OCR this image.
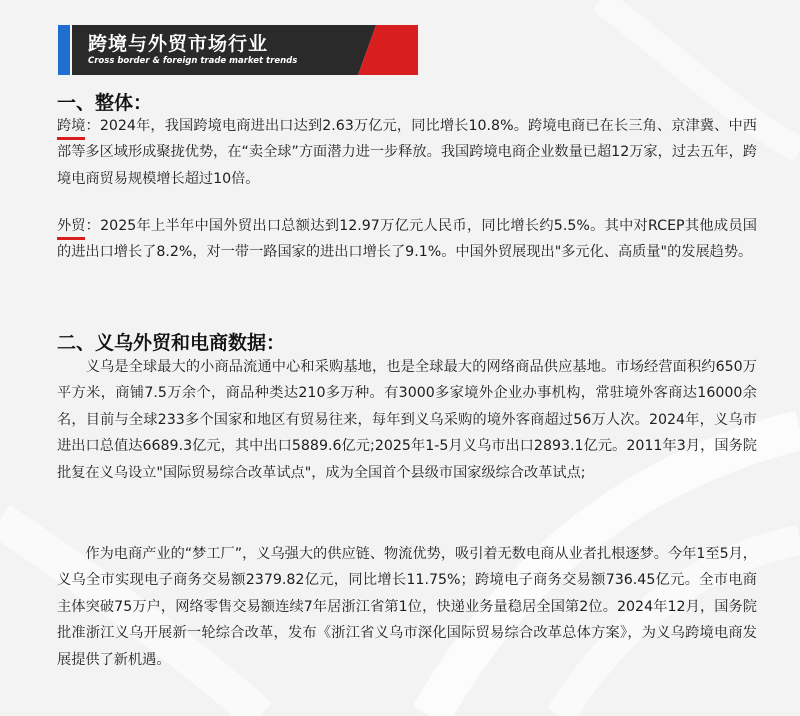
跨境与外贸市场行业
Cross border & foreign trade market trends
一、整体：

跨境：2024年，我国跨境电商进出口达到2.63万亿元，同比增长10.8%。跨境电商已在长三角、京津冀、中西部等多区域形成聚拢优势，在“卖全球”方面潜力进一步释放。我国跨境电商企业数量已超12万家，过去五年，跨境电商贸易规模增长超过10倍。

外贸：2025年上半年中国外贸出口总额达到12.97万亿元人民币，同比增长约5.5%。其中对RCEP其他成员国的进出口增长了8.2%，对一带一路国家的进出口增长了9.1%。中国外贸展现出"多元化、高质量"的发展趋势。

二、义乌外贸和电商数据：

　　义乌是全球最大的小商品流通中心和采购基地，也是全球最大的网络商品供应基地。市场经营面积约650万平方米，商铺7.5万余个，商品种类达210多万种。有3000多家境外企业办事机构，常驻境外客商达16000余名，目前与全球233多个国家和地区有贸易往来，每年到义乌采购的境外客商超过56万人次。2024年，义乌市进出口总值达6689.3亿元，其中出口5889.6亿元;2025年1-5月义乌市出口2893.1亿元。2011年3月，国务院批复在义乌设立"国际贸易综合改革试点"，成为全国首个县级市国家级综合改革试点;

　　作为电商产业的“梦工厂”，义乌强大的供应链、物流优势，吸引着无数电商从业者扎根逐梦。今年1至5月，义乌全市实现电子商务交易额2379.82亿元，同比增长11.75%；跨境电子商务交易额736.45亿元。全市电商主体突破75万户，网络零售交易额连续7年居浙江省第1位，快递业务量稳居全国第2位。2024年12月，国务院批准浙江义乌开展新一轮综合改革，发布《浙江省义乌市深化国际贸易综合改革总体方案》，为义乌跨境电商发展提供了新机遇。
